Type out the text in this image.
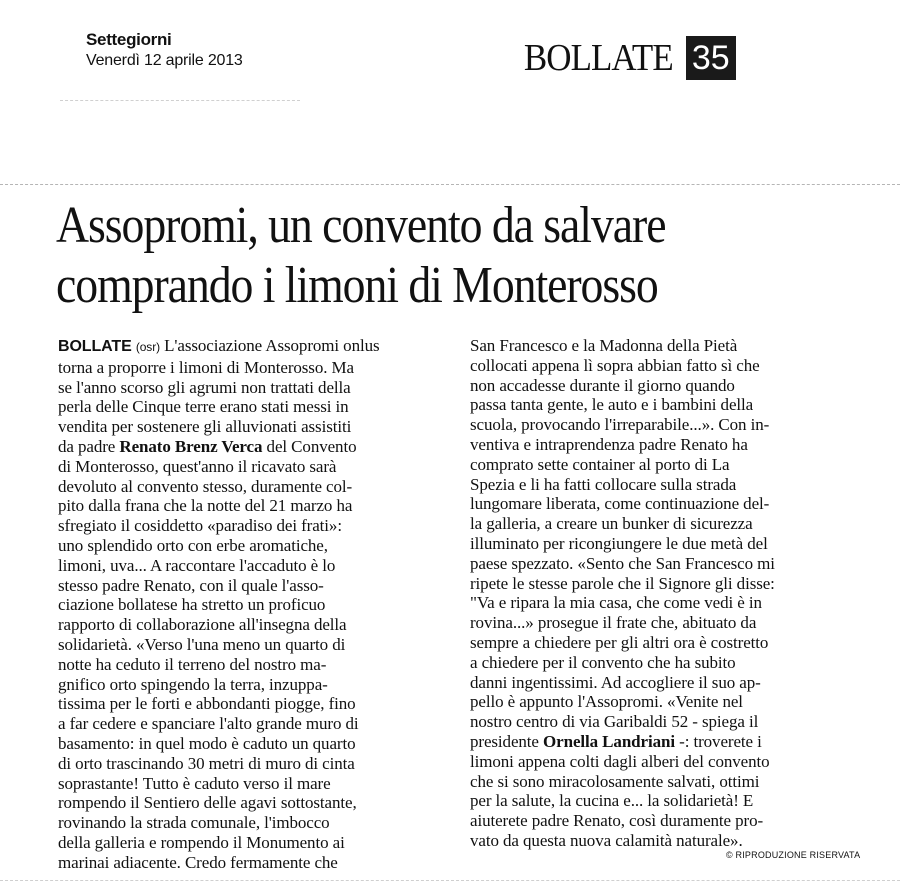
Settegiorni
Venerdì 12 aprile 2013	BOLLATE 35
Assopromi, un convento da salvare
comprando i limoni di Monterosso
BOLLATE (osr) L'associazione Assopromi onlus
torna a proporre i limoni di Monterosso. Ma
se l'anno scorso gli agrumi non trattati della
perla delle Cinque terre erano stati messi in
vendita per sostenere gli alluvionati assistiti
da padre Renato Brenz Verca del Convento
di Monterosso, quest'anno il ricavato sarà
devoluto al convento stesso, duramente col-
pito dalla frana che la notte del 21 marzo ha
sfregiato il cosiddetto «paradiso dei frati»:
uno splendido orto con erbe aromatiche,
limoni, uva... A raccontare l'accaduto è lo
stesso padre Renato, con il quale l'asso-
ciazione bollatese ha stretto un proficuo
rapporto di collaborazione all'insegna della
solidarietà. «Verso l'una meno un quarto di
notte ha ceduto il terreno del nostro ma-
gnifico orto spingendo la terra, inzuppa-
tissima per le forti e abbondanti piogge, fino
a far cedere e spanciare l'alto grande muro di
basamento: in quel modo è caduto un quarto
di orto trascinando 30 metri di muro di cinta
soprastante! Tutto è caduto verso il mare
rompendo il Sentiero delle agavi sottostante,
rovinando la strada comunale, l'imbocco
della galleria e rompendo il Monumento ai
marinai adiacente. Credo fermamente che
San Francesco e la Madonna della Pietà
collocati appena lì sopra abbian fatto sì che
non accadesse durante il giorno quando
passa tanta gente, le auto e i bambini della
scuola, provocando l'irreparabile...». Con in-
ventiva e intraprendenza padre Renato ha
comprato sette container al porto di La
Spezia e li ha fatti collocare sulla strada
lungomare liberata, come continuazione del-
la galleria, a creare un bunker di sicurezza
illuminato per ricongiungere le due metà del
paese spezzato. «Sento che San Francesco mi
ripete le stesse parole che il Signore gli disse:
"Va e ripara la mia casa, che come vedi è in
rovina...» prosegue il frate che, abituato da
sempre a chiedere per gli altri ora è costretto
a chiedere per il convento che ha subito
danni ingentissimi. Ad accogliere il suo ap-
pello è appunto l'Assopromi. «Venite nel
nostro centro di via Garibaldi 52 - spiega il
presidente Ornella Landriani -: troverete i
limoni appena colti dagli alberi del convento
che si sono miracolosamente salvati, ottimi
per la salute, la cucina e... la solidarietà! E
aiuterete padre Renato, così duramente pro-
vato da questa nuova calamità naturale».
© RIPRODUZIONE RISERVATA
